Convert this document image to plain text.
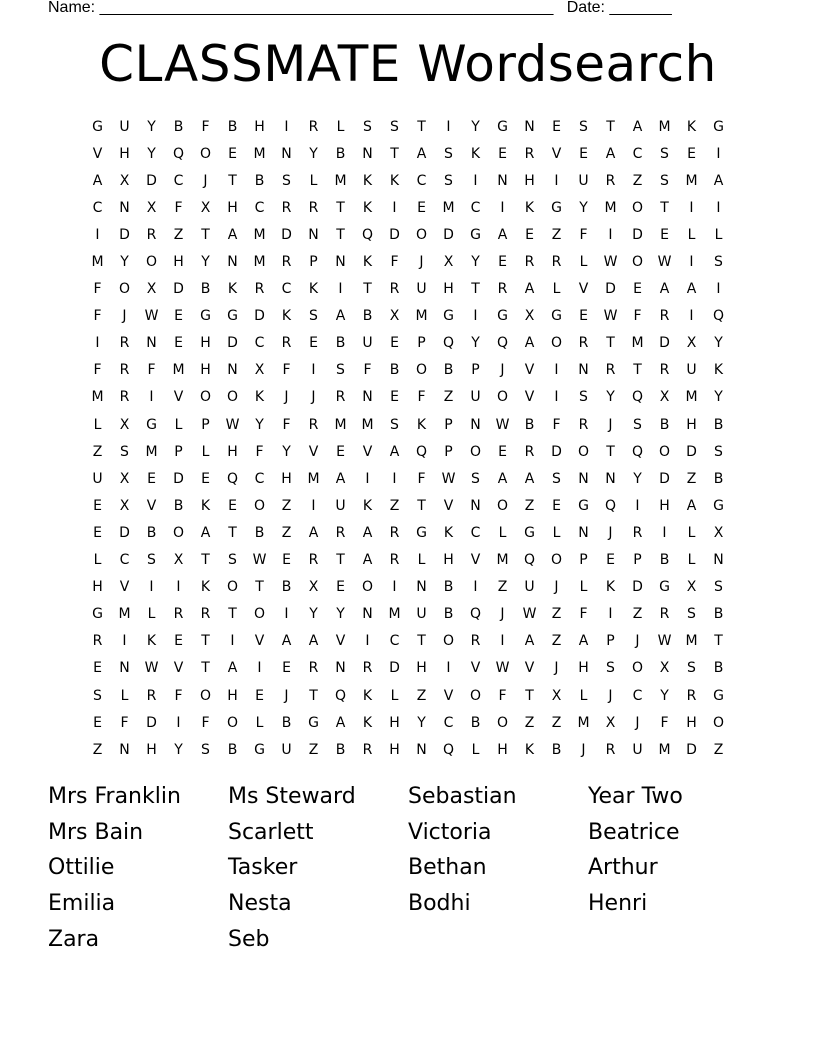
Name: ___________________________________________________ Date: _______
CLASSMATE Wordsearch
G	U	Y	B	F	B	H	I	R	L	S	S	T	I	Y	G	N	E	S	T	A	M	K	G
V	H	Y	Q	O	E	M	N	Y	B	N	T	A	S	K	E	R	V	E	A	C	S	E	I
A	X	D	C	J	T	B	S	L	M	K	K	C	S	I	N	H	I	U	R	Z	S	M	A
C	N	X	F	X	H	C	R	R	T	K	I	E	M	C	I	K	G	Y	M	O	T	I	I
I	D	R	Z	T	A	M	D	N	T	Q	D	O	D	G	A	E	Z	F	I	D	E	L	L
M	Y	O	H	Y	N	M	R	P	N	K	F	J	X	Y	E	R	R	L	W	O	W	I	S
F	O	X	D	B	K	R	C	K	I	T	R	U	H	T	R	A	L	V	D	E	A	A	I
F	J	W	E	G	G	D	K	S	A	B	X	M	G	I	G	X	G	E	W	F	R	I	Q
I	R	N	E	H	D	C	R	E	B	U	E	P	Q	Y	Q	A	O	R	T	M	D	X	Y
F	R	F	M	H	N	X	F	I	S	F	B	O	B	P	J	V	I	N	R	T	R	U	K
M	R	I	V	O	O	K	J	J	R	N	E	F	Z	U	O	V	I	S	Y	Q	X	M	Y
L	X	G	L	P	W	Y	F	R	M	M	S	K	P	N	W	B	F	R	J	S	B	H	B
Z	S	M	P	L	H	F	Y	V	E	V	A	Q	P	O	E	R	D	O	T	Q	O	D	S
U	X	E	D	E	Q	C	H	M	A	I	I	F	W	S	A	A	S	N	N	Y	D	Z	B
E	X	V	B	K	E	O	Z	I	U	K	Z	T	V	N	O	Z	E	G	Q	I	H	A	G
E	D	B	O	A	T	B	Z	A	R	A	R	G	K	C	L	G	L	N	J	R	I	L	X
L	C	S	X	T	S	W	E	R	T	A	R	L	H	V	M	Q	O	P	E	P	B	L	N
H	V	I	I	K	O	T	B	X	E	O	I	N	B	I	Z	U	J	L	K	D	G	X	S
G	M	L	R	R	T	O	I	Y	Y	N	M	U	B	Q	J	W	Z	F	I	Z	R	S	B
R	I	K	E	T	I	V	A	A	V	I	C	T	O	R	I	A	Z	A	P	J	W	M	T
E	N	W	V	T	A	I	E	R	N	R	D	H	I	V	W	V	J	H	S	O	X	S	B
S	L	R	F	O	H	E	J	T	Q	K	L	Z	V	O	F	T	X	L	J	C	Y	R	G
E	F	D	I	F	O	L	B	G	A	K	H	Y	C	B	O	Z	Z	M	X	J	F	H	O
Z	N	H	Y	S	B	G	U	Z	B	R	H	N	Q	L	H	K	B	J	R	U	M	D	Z
Mrs Franklin	Ms Steward	Sebastian	Year Two
Mrs Bain	Scarlett	Victoria	Beatrice
Ottilie	Tasker	Bethan	Arthur
Emilia	Nesta	Bodhi	Henri
Zara	Seb
